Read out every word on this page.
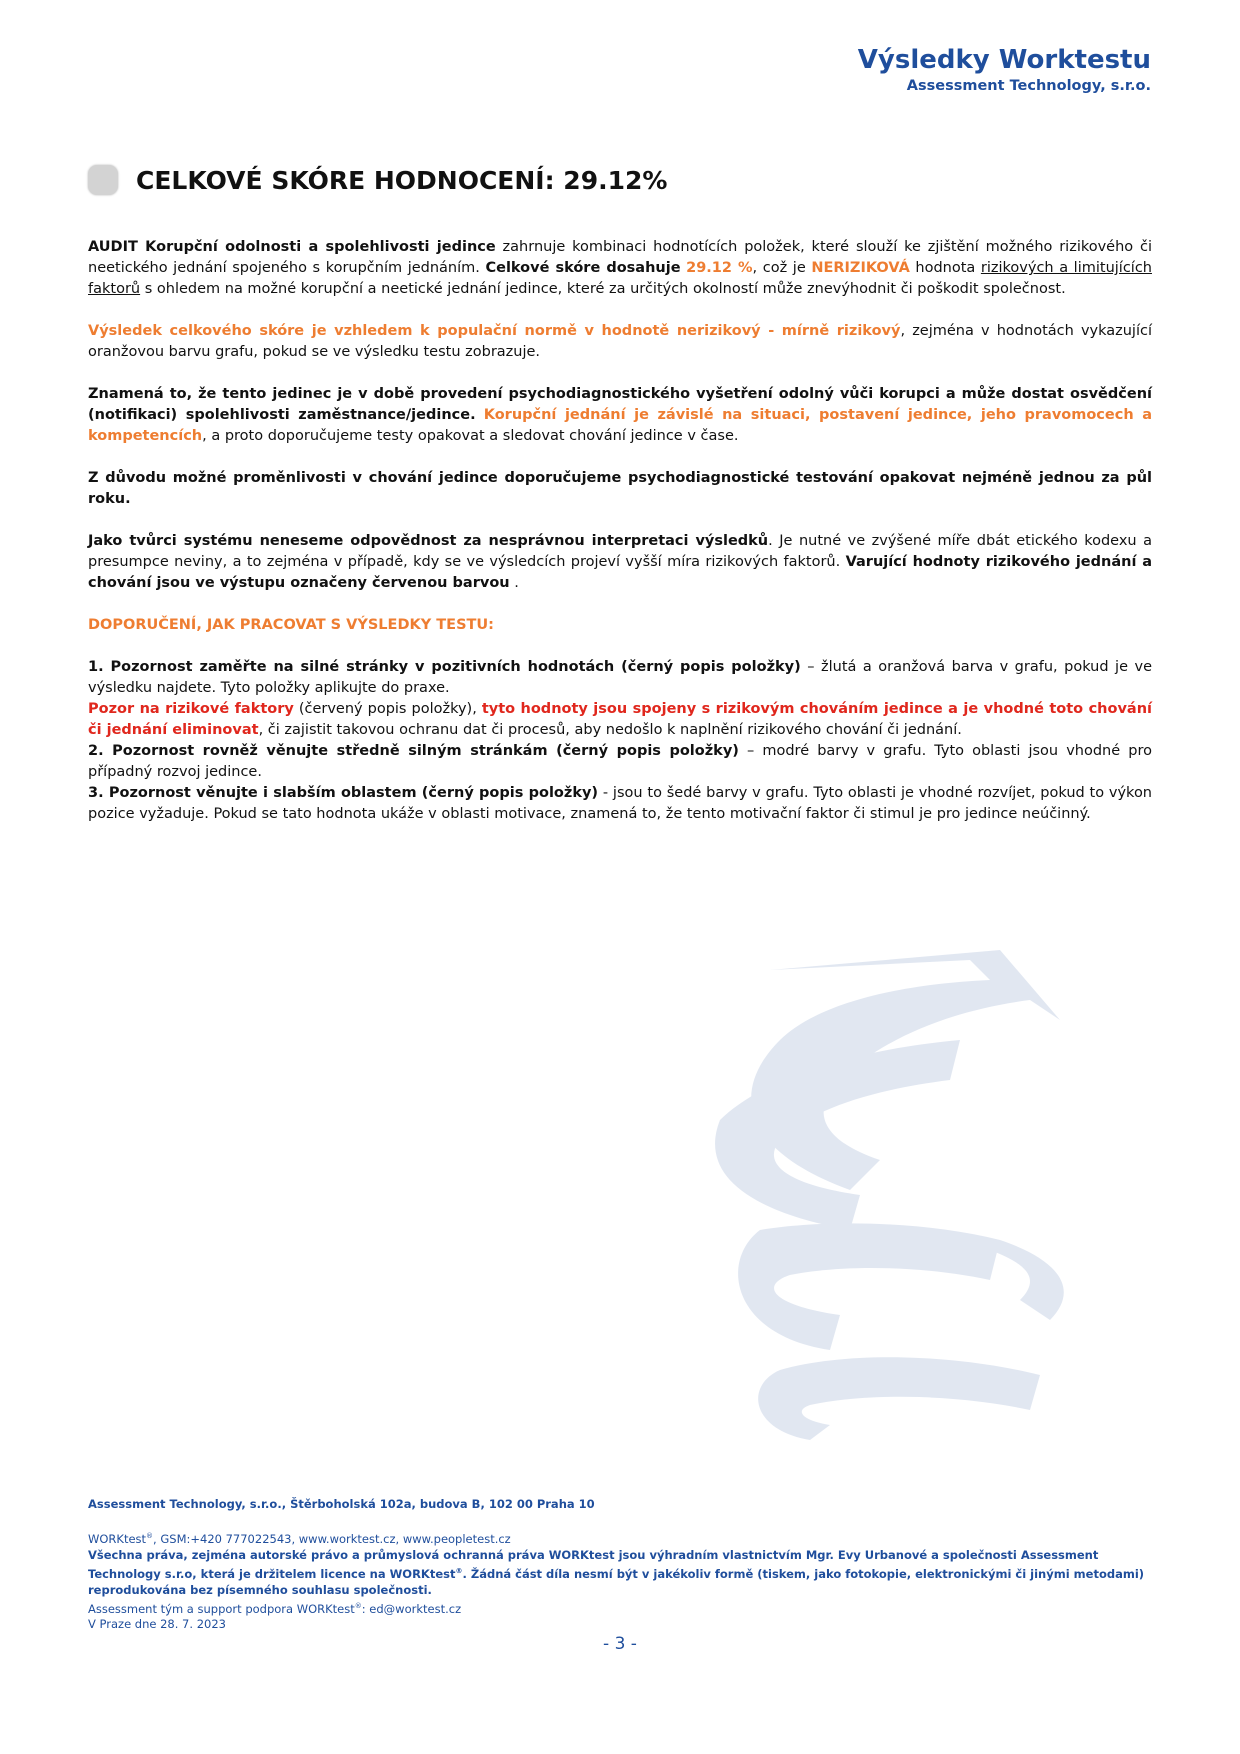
Výsledky Worktestu
Assessment Technology, s.r.o.
CELKOVÉ SKÓRE HODNOCENÍ: 29.12%

AUDIT Korupční odolnosti a spolehlivosti jedince zahrnuje kombinaci hodnotících položek, které slouží ke zjištění možného rizikového či neetického jednání spojeného s korupčním jednáním. Celkové skóre dosahuje 29.12 %, což je NERIZIKOVÁ hodnota rizikových a limitujících faktorů s ohledem na možné korupční a neetické jednání jedince, které za určitých okolností může znevýhodnit či poškodit společnost.

Výsledek celkového skóre je vzhledem k populační normě v hodnotě nerizikový - mírně rizikový, zejména v hodnotách vykazující oranžovou barvu grafu, pokud se ve výsledku testu zobrazuje.

Znamená to, že tento jedinec je v době provedení psychodiagnostického vyšetření odolný vůči korupci a může dostat osvědčení (notifikaci) spolehlivosti zaměstnance/jedince. Korupční jednání je závislé na situaci, postavení jedince, jeho pravomocech a kompetencích, a proto doporučujeme testy opakovat a sledovat chování jedince v čase.

Z důvodu možné proměnlivosti v chování jedince doporučujeme psychodiagnostické testování opakovat nejméně jednou za půl roku.

Jako tvůrci systému neneseme odpovědnost za nesprávnou interpretaci výsledků. Je nutné ve zvýšené míře dbát etického kodexu a presumpce neviny, a to zejména v případě, kdy se ve výsledcích projeví vyšší míra rizikových faktorů. Varující hodnoty rizikového jednání a chování jsou ve výstupu označeny červenou barvou .

DOPORUČENÍ, JAK PRACOVAT S VÝSLEDKY TESTU:

1. Pozornost zaměřte na silné stránky v pozitivních hodnotách (černý popis položky) – žlutá a oranžová barva v grafu, pokud je ve výsledku najdete. Tyto položky aplikujte do praxe.

Pozor na rizikové faktory (červený popis položky), tyto hodnoty jsou spojeny s rizikovým chováním jedince a je vhodné toto chování či jednání eliminovat, či zajistit takovou ochranu dat či procesů, aby nedošlo k naplnění rizikového chování či jednání.

2. Pozornost rovněž věnujte středně silným stránkám (černý popis položky) – modré barvy v grafu. Tyto oblasti jsou vhodné pro případný rozvoj jedince.

3. Pozornost věnujte i slabším oblastem (černý popis položky) - jsou to šedé barvy v grafu. Tyto oblasti je vhodné rozvíjet, pokud to výkon pozice vyžaduje. Pokud se tato hodnota ukáže v oblasti motivace, znamená to, že tento motivační faktor či stimul je pro jedince neúčinný.

Assessment Technology, s.r.o., Štěrboholská 102a, budova B, 102 00 Praha 10
WORKtest®, GSM:+420 777022543, www.worktest.cz, www.peopletest.cz
Všechna práva, zejména autorské právo a průmyslová ochranná práva WORKtest jsou výhradním vlastnictvím Mgr. Evy Urbanové a společnosti Assessment Technology s.r.o, která je držitelem licence na WORKtest®. Žádná část díla nesmí být v jakékoliv formě (tiskem, jako fotokopie, elektronickými či jinými metodami) reprodukována bez písemného souhlasu společnosti.
Assessment tým a support podpora WORKtest®: ed@worktest.cz
V Praze dne 28. 7. 2023
- 3 -
